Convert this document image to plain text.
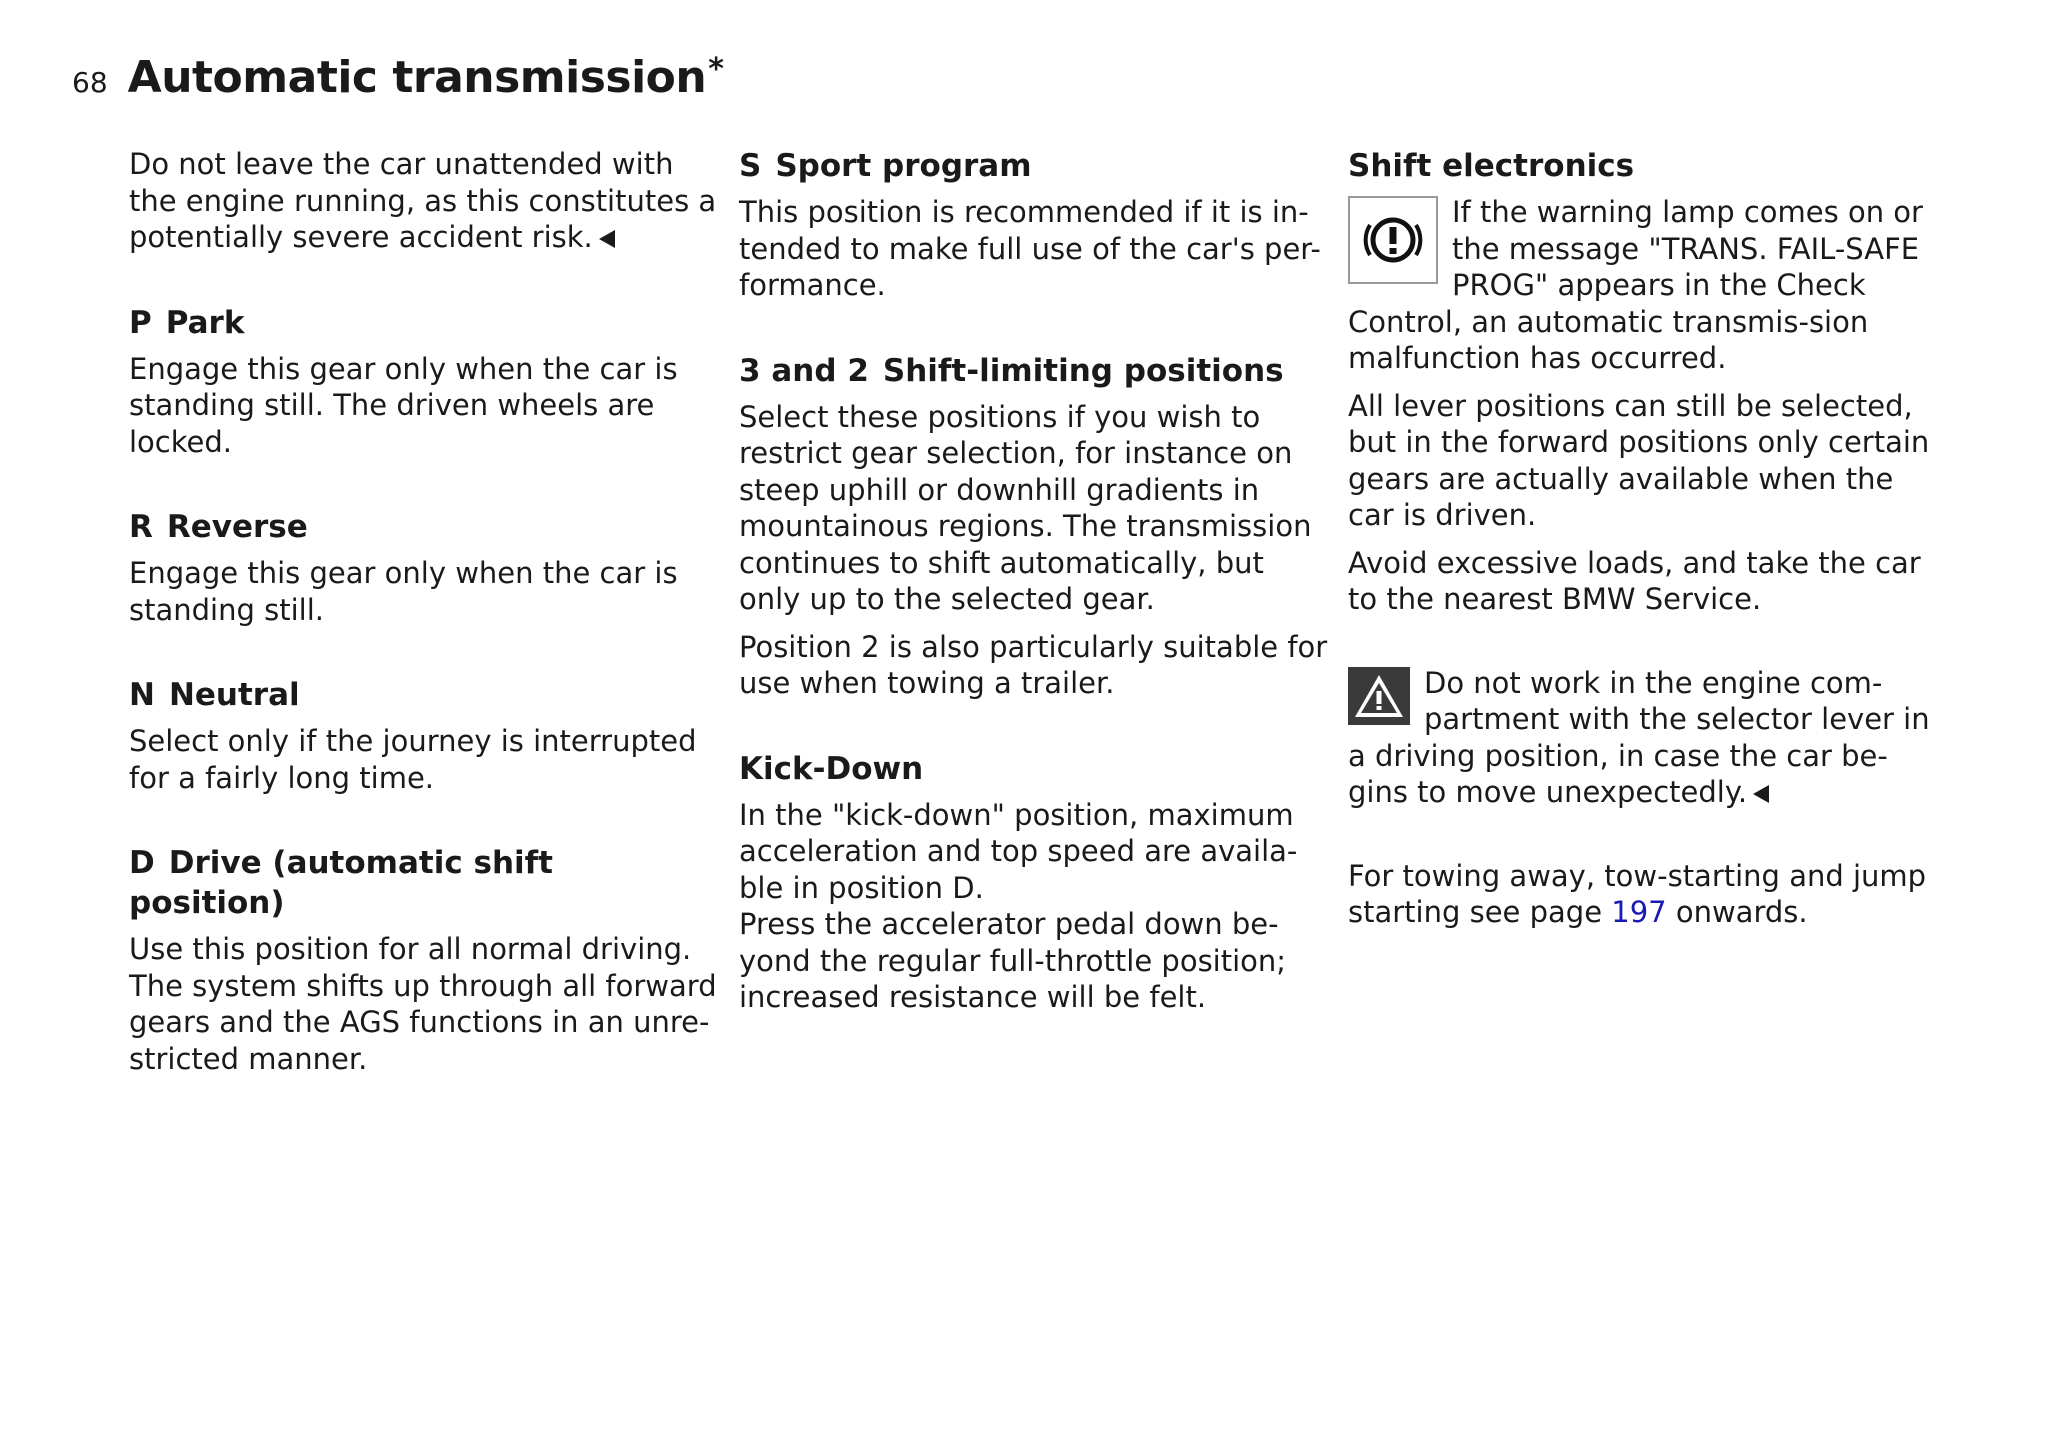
68 Automatic transmission*

Do not leave the car unattended with the engine running, as this constitutes a potentially severe accident risk.

P Park

Engage this gear only when the car is standing still. The driven wheels are locked.

R Reverse

Engage this gear only when the car is standing still.

N Neutral

Select only if the journey is interrupted for a fairly long time.

D Drive (automatic shift position)

Use this position for all normal driving. The system shifts up through all forward gears and the AGS functions in an unre-stricted manner.

S Sport program

This position is recommended if it is in-tended to make full use of the car's per-formance.

3 and 2 Shift-limiting positions

Select these positions if you wish to restrict gear selection, for instance on steep uphill or downhill gradients in mountainous regions. The transmission continues to shift automatically, but only up to the selected gear.

Position 2 is also particularly suitable for use when towing a trailer.

Kick-Down

In the "kick-down" position, maximum acceleration and top speed are availa-ble in position D.
Press the accelerator pedal down be-yond the regular full-throttle position; increased resistance will be felt.

Shift electronics

If the warning lamp comes on or the message "TRANS. FAIL-SAFE PROG" appears in the Check Control, an automatic transmis-sion malfunction has occurred.

All lever positions can still be selected, but in the forward positions only certain gears are actually available when the car is driven.

Avoid excessive loads, and take the car to the nearest BMW Service.

Do not work in the engine com-partment with the selector lever in a driving position, in case the car be-gins to move unexpectedly.

For towing away, tow-starting and jump starting see page 197 onwards.
